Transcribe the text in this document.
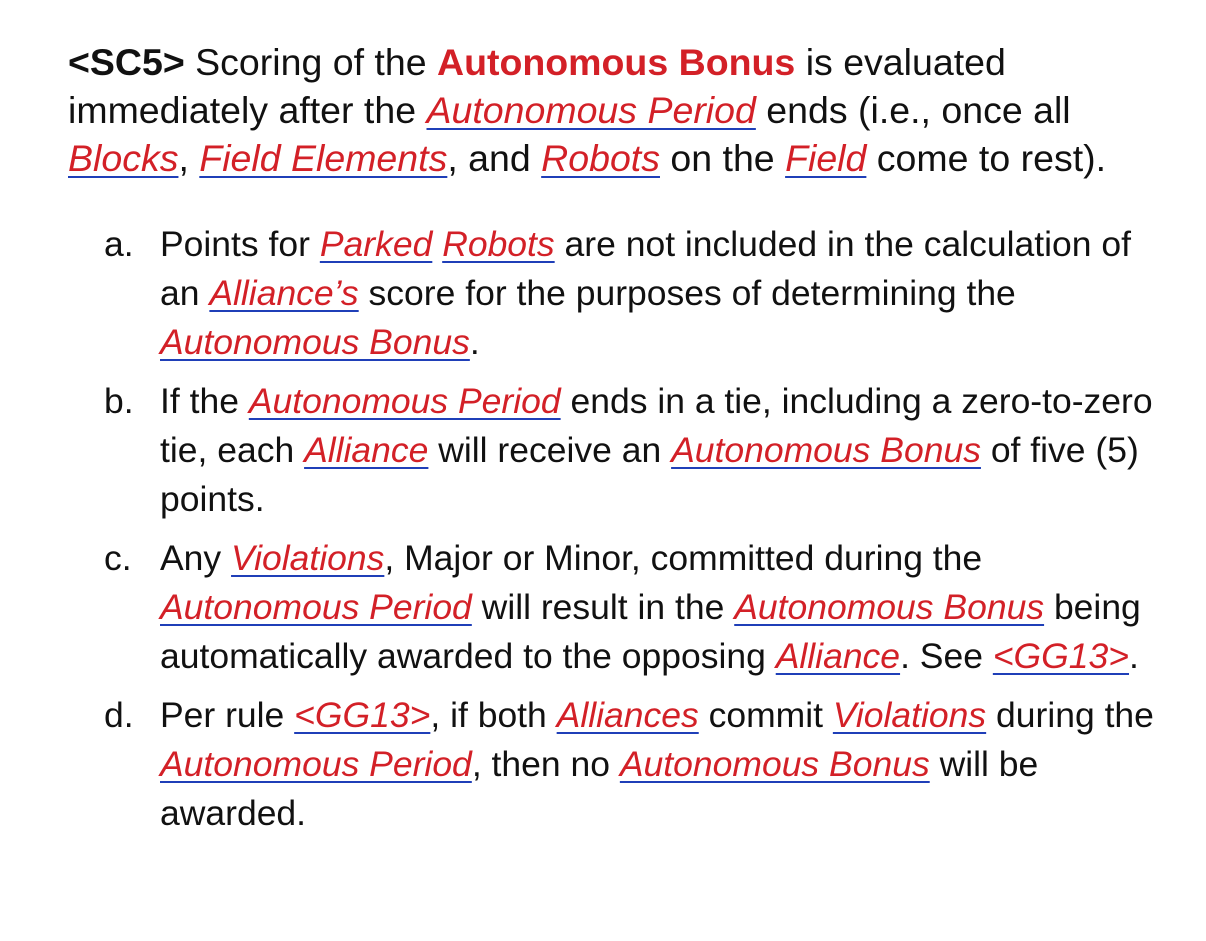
<SC5> Scoring of the Autonomous Bonus is evaluated immediately after the Autonomous Period ends (i.e., once all Blocks, Field Elements, and Robots on the Field come to rest).

a. Points for Parked Robots are not included in the calculation of an Alliance’s score for the purposes of determining the Autonomous Bonus.
b. If the Autonomous Period ends in a tie, including a zero-to-zero tie, each Alliance will receive an Autonomous Bonus of five (5) points.
c. Any Violations, Major or Minor, committed during the Autonomous Period will result in the Autonomous Bonus being automatically awarded to the opposing Alliance. See <GG13>.
d. Per rule <GG13>, if both Alliances commit Violations during the Autonomous Period, then no Autonomous Bonus will be awarded.
